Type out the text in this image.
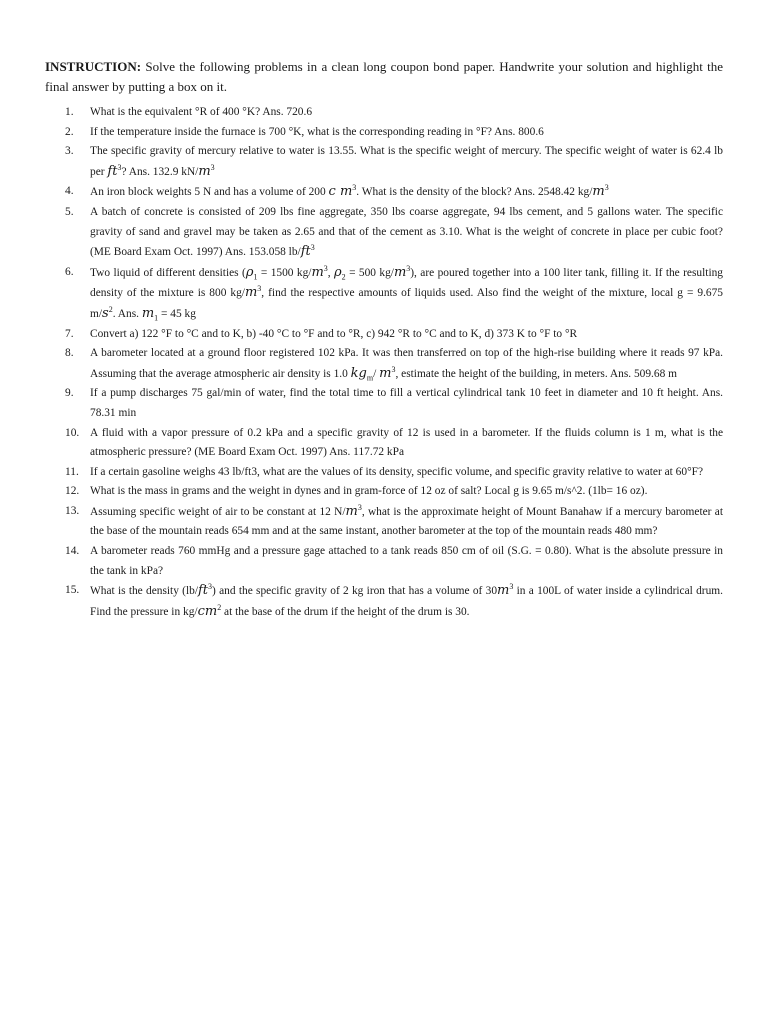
INSTRUCTION: Solve the following problems in a clean long coupon bond paper. Handwrite your solution and highlight the final answer by putting a box on it.

1. What is the equivalent °R of 400 °K? Ans. 720.6
2. If the temperature inside the furnace is 700 °K, what is the corresponding reading in °F? Ans. 800.6
3. The specific gravity of mercury relative to water is 13.55. What is the specific weight of mercury. The specific weight of water is 62.4 lb per $ft^3$? Ans. 132.9 $kN/m^3$
4. An iron block weights 5 N and has a volume of 200 c $m^3$. What is the density of the block? Ans. 2548.42 $kg/m^3$
5. A batch of concrete is consisted of 209 lbs fine aggregate, 350 lbs coarse aggregate, 94 lbs cement, and 5 gallons water. The specific gravity of sand and gravel may be taken as 2.65 and that of the cement as 3.10. What is the weight of concrete in place per cubic foot? (ME Board Exam Oct. 1997) Ans. 153.058 $lb/ft^3$
6. Two liquid of different densities ($\rho_1 = 1500$ $kg/m^3$, $\rho_2 = 500$ $kg/m^3$), are poured together into a 100 liter tank, filling it. If the resulting density of the mixture is 800 $kg/m^3$, find the respective amounts of liquids used. Also find the weight of the mixture, local g = 9.675 $m/s^2$. Ans. $m_1 = 45$ kg
7. Convert a) 122 °F to °C and to K, b) -40 °C to °F and to °R, c) 942 °R to °C and to K, d) 373 K to °F to °R
8. A barometer located at a ground floor registered 102 kPa. It was then transferred on top of the high-rise building where it reads 97 kPa. Assuming that the average atmospheric air density is 1.0 $kg_m/$ $m^3$, estimate the height of the building, in meters. Ans. 509.68 m
9. If a pump discharges 75 gal/min of water, find the total time to fill a vertical cylindrical tank 10 feet in diameter and 10 ft height. Ans. 78.31 min
10. A fluid with a vapor pressure of 0.2 kPa and a specific gravity of 12 is used in a barometer. If the fluids column is 1 m, what is the atmospheric pressure? (ME Board Exam Oct. 1997) Ans. 117.72 kPa
11. If a certain gasoline weighs 43 lb/ft3, what are the values of its density, specific volume, and specific gravity relative to water at 60°F?
12. What is the mass in grams and the weight in dynes and in gram-force of 12 oz of salt? Local g is 9.65 m/s^2. (1lb= 16 oz).
13. Assuming specific weight of air to be constant at 12 $N/m^3$, what is the approximate height of Mount Banahaw if a mercury barometer at the base of the mountain reads 654 mm and at the same instant, another barometer at the top of the mountain reads 480 mm?
14. A barometer reads 760 mmHg and a pressure gage attached to a tank reads 850 cm of oil (S.G. = 0.80). What is the absolute pressure in the tank in kPa?
15. What is the density $(lb/ft^3)$ and the specific gravity of 2 kg iron that has a volume of $30m^3$ in a 100L of water inside a cylindrical drum. Find the pressure in $kg/cm^2$ at the base of the drum if the height of the drum is 30.
